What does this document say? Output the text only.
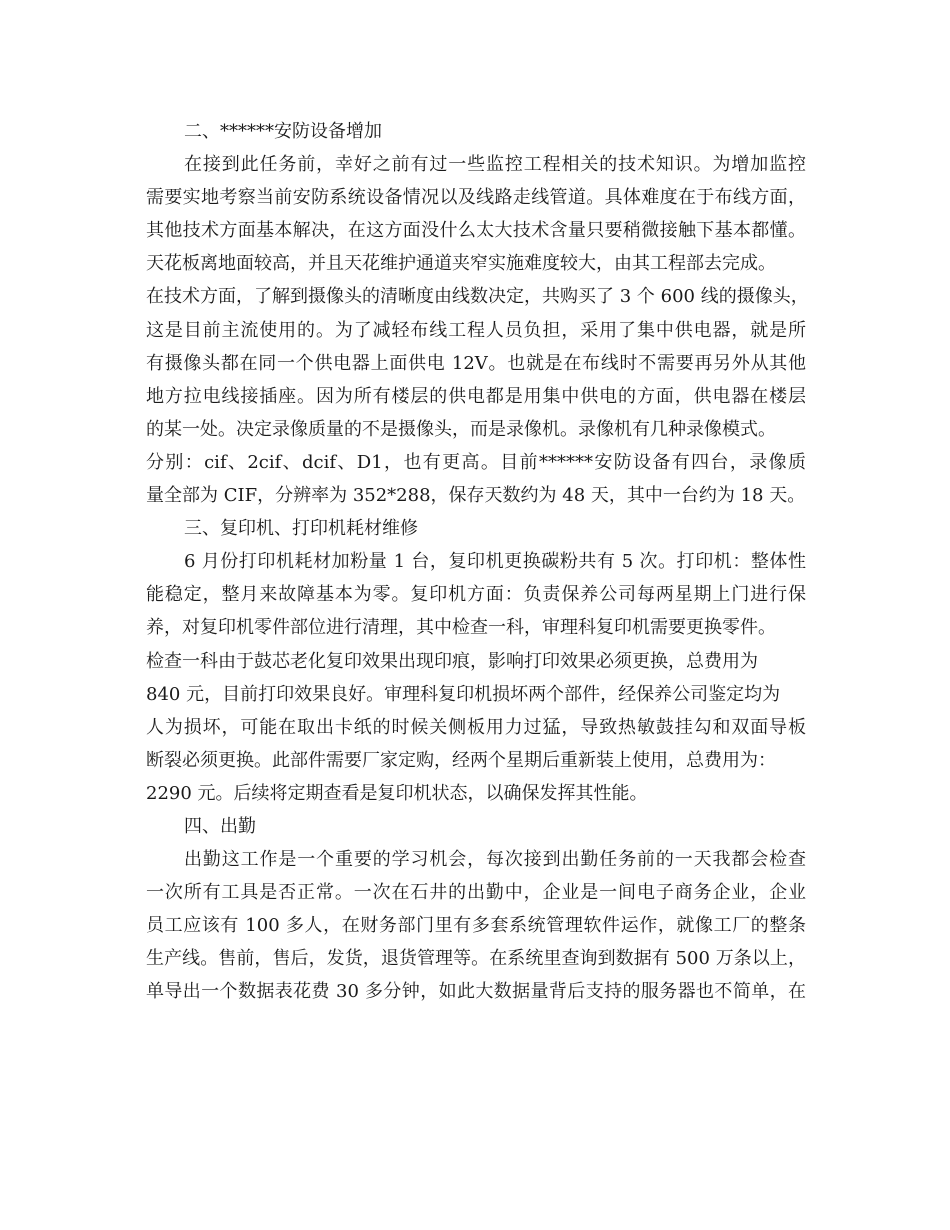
二、******安防设备增加
在接到此任务前，幸好之前有过一些监控工程相关的技术知识。为增加监控
需要实地考察当前安防系统设备情况以及线路走线管道。具体难度在于布线方面，
其他技术方面基本解决，在这方面没什么太大技术含量只要稍微接触下基本都懂。
天花板离地面较高，并且天花维护通道夹窄实施难度较大，由其工程部去完成。
在技术方面，了解到摄像头的清晰度由线数决定，共购买了 3 个 600 线的摄像头，
这是目前主流使用的。为了减轻布线工程人员负担，采用了集中供电器，就是所
有摄像头都在同一个供电器上面供电 12V。也就是在布线时不需要再另外从其他
地方拉电线接插座。因为所有楼层的供电都是用集中供电的方面，供电器在楼层
的某一处。决定录像质量的不是摄像头，而是录像机。录像机有几种录像模式。
分别：cif、2cif、dcif、D1，也有更高。目前******安防设备有四台，录像质
量全部为 CIF，分辨率为 352*288，保存天数约为 48 天，其中一台约为 18 天。
三、复印机、打印机耗材维修
6 月份打印机耗材加粉量 1 台，复印机更换碳粉共有 5 次。打印机：整体性
能稳定，整月来故障基本为零。复印机方面：负责保养公司每两星期上门进行保
养，对复印机零件部位进行清理，其中检查一科，审理科复印机需要更换零件。
检查一科由于鼓芯老化复印效果出现印痕，影响打印效果必须更换，总费用为
840 元，目前打印效果良好。审理科复印机损坏两个部件，经保养公司鉴定均为
人为损坏，可能在取出卡纸的时候关侧板用力过猛，导致热敏鼓挂勾和双面导板
断裂必须更换。此部件需要厂家定购，经两个星期后重新装上使用，总费用为：
2290 元。后续将定期查看是复印机状态，以确保发挥其性能。
四、出勤
出勤这工作是一个重要的学习机会，每次接到出勤任务前的一天我都会检查
一次所有工具是否正常。一次在石井的出勤中，企业是一间电子商务企业，企业
员工应该有 100 多人，在财务部门里有多套系统管理软件运作，就像工厂的整条
生产线。售前，售后，发货，退货管理等。在系统里查询到数据有 500 万条以上，
单导出一个数据表花费 30 多分钟，如此大数据量背后支持的服务器也不简单，在
